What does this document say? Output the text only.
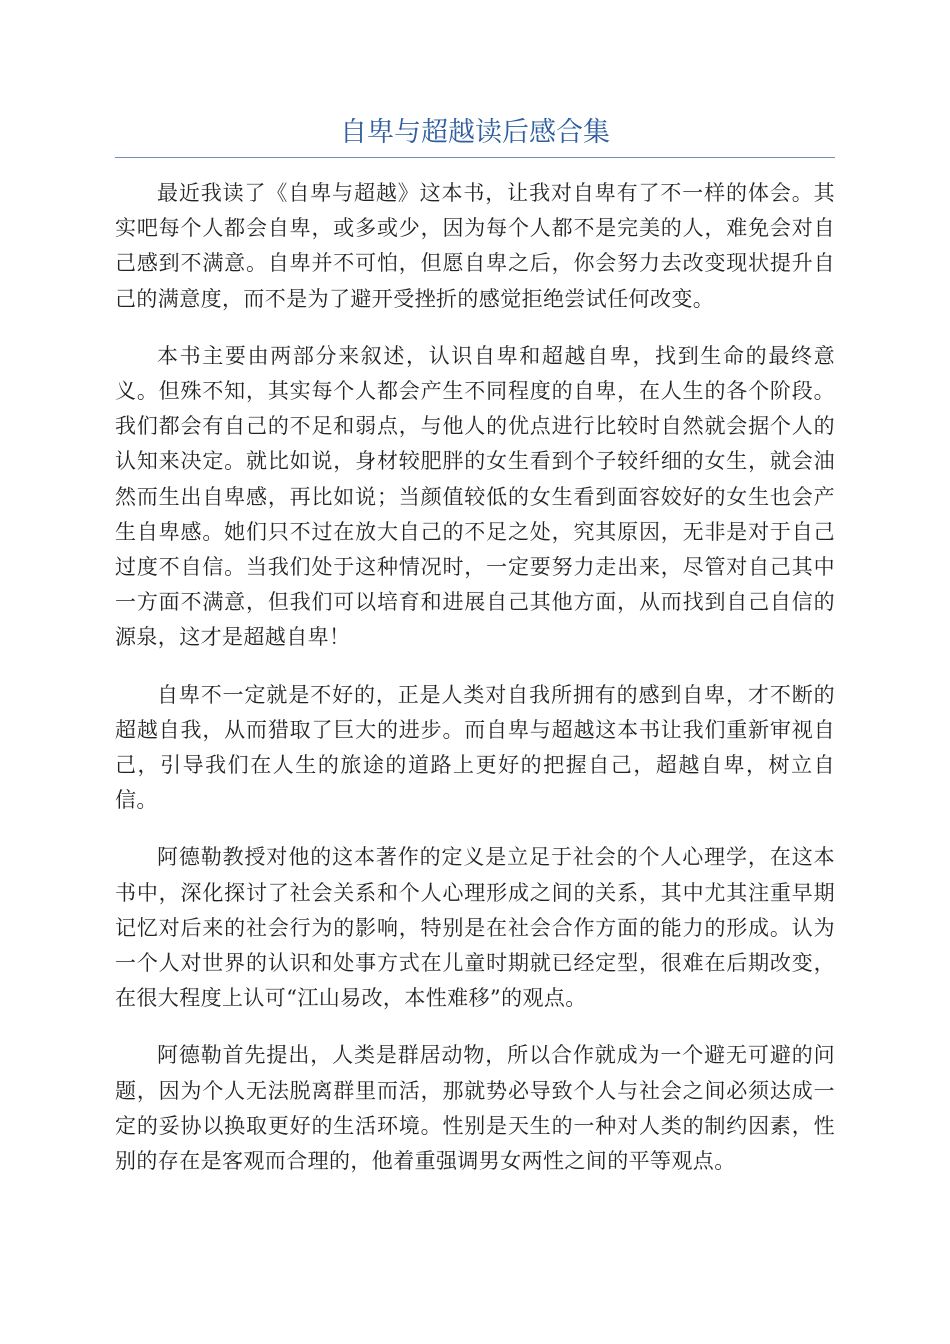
自卑与超越读后感合集

最近我读了《自卑与超越》这本书，让我对自卑有了不一样的体会。其实吧每个人都会自卑，或多或少，因为每个人都不是完美的人，难免会对自己感到不满意。自卑并不可怕，但愿自卑之后，你会努力去改变现状提升自己的满意度，而不是为了避开受挫折的感觉拒绝尝试任何改变。

本书主要由两部分来叙述，认识自卑和超越自卑，找到生命的最终意义。但殊不知，其实每个人都会产生不同程度的自卑，在人生的各个阶段。我们都会有自己的不足和弱点，与他人的优点进行比较时自然就会据个人的认知来决定。就比如说，身材较肥胖的女生看到个子较纤细的女生，就会油然而生出自卑感，再比如说；当颜值较低的女生看到面容姣好的女生也会产生自卑感。她们只不过在放大自己的不足之处，究其原因，无非是对于自己过度不自信。当我们处于这种情况时，一定要努力走出来，尽管对自己其中一方面不满意，但我们可以培育和进展自己其他方面，从而找到自己自信的源泉，这才是超越自卑！

自卑不一定就是不好的，正是人类对自我所拥有的感到自卑，才不断的超越自我，从而猎取了巨大的进步。而自卑与超越这本书让我们重新审视自己，引导我们在人生的旅途的道路上更好的把握自己，超越自卑，树立自信。

阿德勒教授对他的这本著作的定义是立足于社会的个人心理学，在这本书中，深化探讨了社会关系和个人心理形成之间的关系，其中尤其注重早期记忆对后来的社会行为的影响，特别是在社会合作方面的能力的形成。认为一个人对世界的认识和处事方式在儿童时期就已经定型，很难在后期改变，在很大程度上认可“江山易改，本性难移”的观点。

阿德勒首先提出，人类是群居动物，所以合作就成为一个避无可避的问题，因为个人无法脱离群里而活，那就势必导致个人与社会之间必须达成一定的妥协以换取更好的生活环境。性别是天生的一种对人类的制约因素，性别的存在是客观而合理的，他着重强调男女两性之间的平等观点。
